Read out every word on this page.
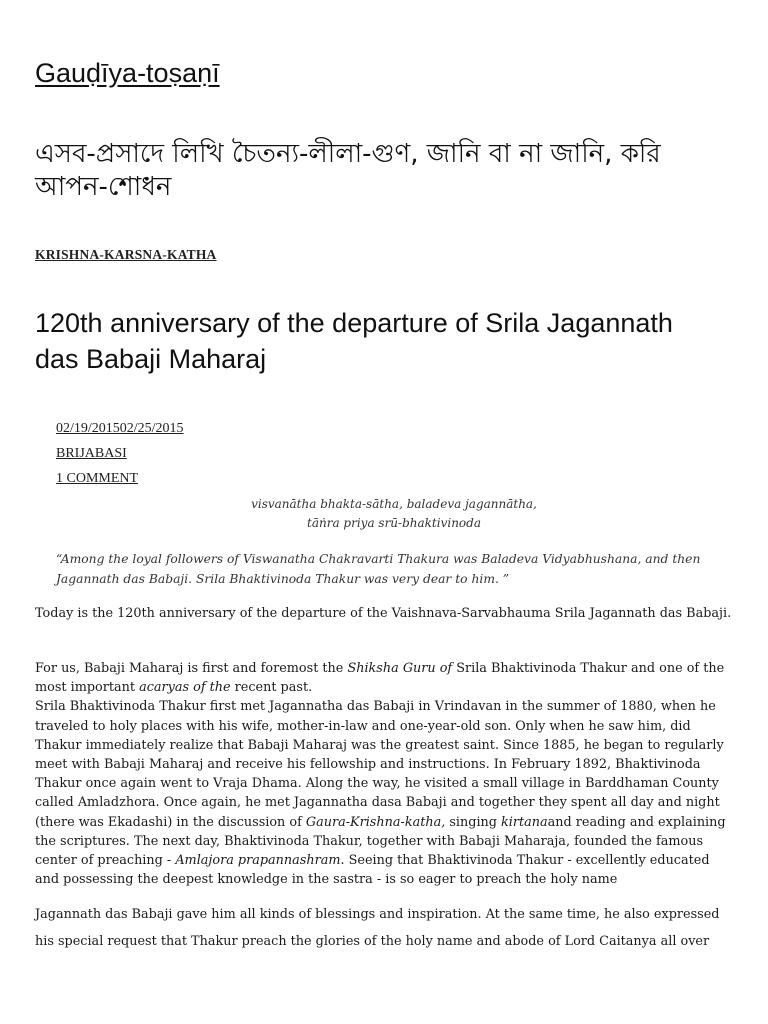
Gauḍīya-toṣaṇī

এসব-প্রসাদে লিখি চৈতন্য-লীলা-গুণ, জানি বা না জানি, করি আপন-শোধন

KRISHNA-KARSNA-KATHA
120th anniversary of the departure of Srila Jagannath das Babaji Maharaj
02/19/201502/25/2015
BRIJABASI
1 COMMENT
visvanātha bhakta-sātha, baladeva jagannātha,
tāṅra priya srū-bhaktivinoda

“Among the loyal followers of Viswanatha Chakravarti Thakura was Baladeva Vidyabhushana, and then Jagannath das Babaji. Srila Bhaktivinoda Thakur was very dear to him. ”

Today is the 120th anniversary of the departure of the Vaishnava-Sarvabhauma Srila Jagannath das Babaji.

For us, Babaji Maharaj is first and foremost the Shiksha Guru of Srila Bhaktivinoda Thakur and one of the most important acaryas of the recent past.
Srila Bhaktivinoda Thakur first met Jagannatha das Babaji in Vrindavan in the summer of 1880, when he traveled to holy places with his wife, mother-in-law and one-year-old son. Only when he saw him, did Thakur immediately realize that Babaji Maharaj was the greatest saint. Since 1885, he began to regularly meet with Babaji Maharaj and receive his fellowship and instructions. In February 1892, Bhaktivinoda Thakur once again went to Vraja Dhama. Along the way, he visited a small village in Barddhaman County called Amladzhora. Once again, he met Jagannatha dasa Babaji and together they spent all day and night (there was Ekadashi) in the discussion of Gaura-Krishna-katha, singing kirtanaand reading and explaining the scriptures. The next day, Bhaktivinoda Thakur, together with Babaji Maharaja, founded the famous center of preaching - Amlajora prapannashram. Seeing that Bhaktivinoda Thakur - excellently educated and possessing the deepest knowledge in the sastra - is so eager to preach the holy name

Jagannath das Babaji gave him all kinds of blessings and inspiration. At the same time, he also expressed his special request that Thakur preach the glories of the holy name and abode of Lord Caitanya all over
